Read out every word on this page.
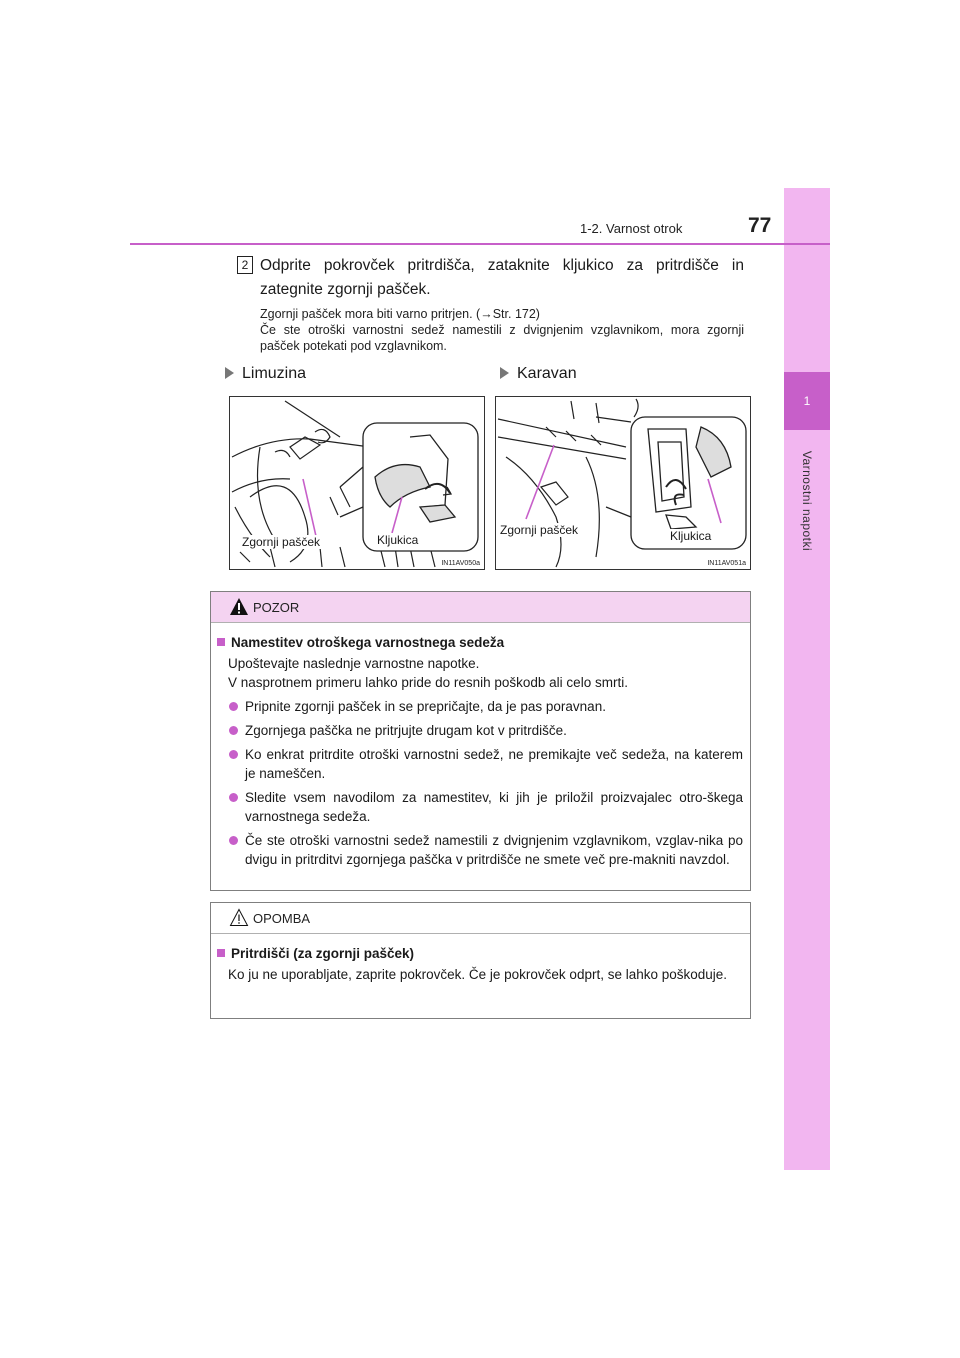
1
Varnostni napotki
1-2. Varnost otrok	77
2 Odprite pokrovček pritrdišča, zataknite kljukico za pritrdišče in zategnite zgornji pašček.
Zgornji pašček mora biti varno pritrjen. (→Str. 172)
Če ste otroški varnostni sedež namestili z dvignjenim vzglavnikom, mora zgornji pašček potekati pod vzglavnikom.
Limuzina	Karavan
Zgornji pašček	Kljukica
IN11AV050a
Zgornji pašček	Kljukica
IN11AV051a
POZOR
Namestitev otroškega varnostnega sedeža
Upoštevajte naslednje varnostne napotke.
V nasprotnem primeru lahko pride do resnih poškodb ali celo smrti.
Pripnite zgornji pašček in se prepričajte, da je pas poravnan.
Zgornjega paščka ne pritrjujte drugam kot v pritrdišče.
Ko enkrat pritrdite otroški varnostni sedež, ne premikajte več sedeža, na katerem je nameščen.
Sledite vsem navodilom za namestitev, ki jih je priložil proizvajalec otro-škega varnostnega sedeža.
Če ste otroški varnostni sedež namestili z dvignjenim vzglavnikom, vzglav-nika po dvigu in pritrditvi zgornjega paščka v pritrdišče ne smete več pre-makniti navzdol.
OPOMBA
Pritrdišči (za zgornji pašček)
Ko ju ne uporabljate, zaprite pokrovček. Če je pokrovček odprt, se lahko poškoduje.
